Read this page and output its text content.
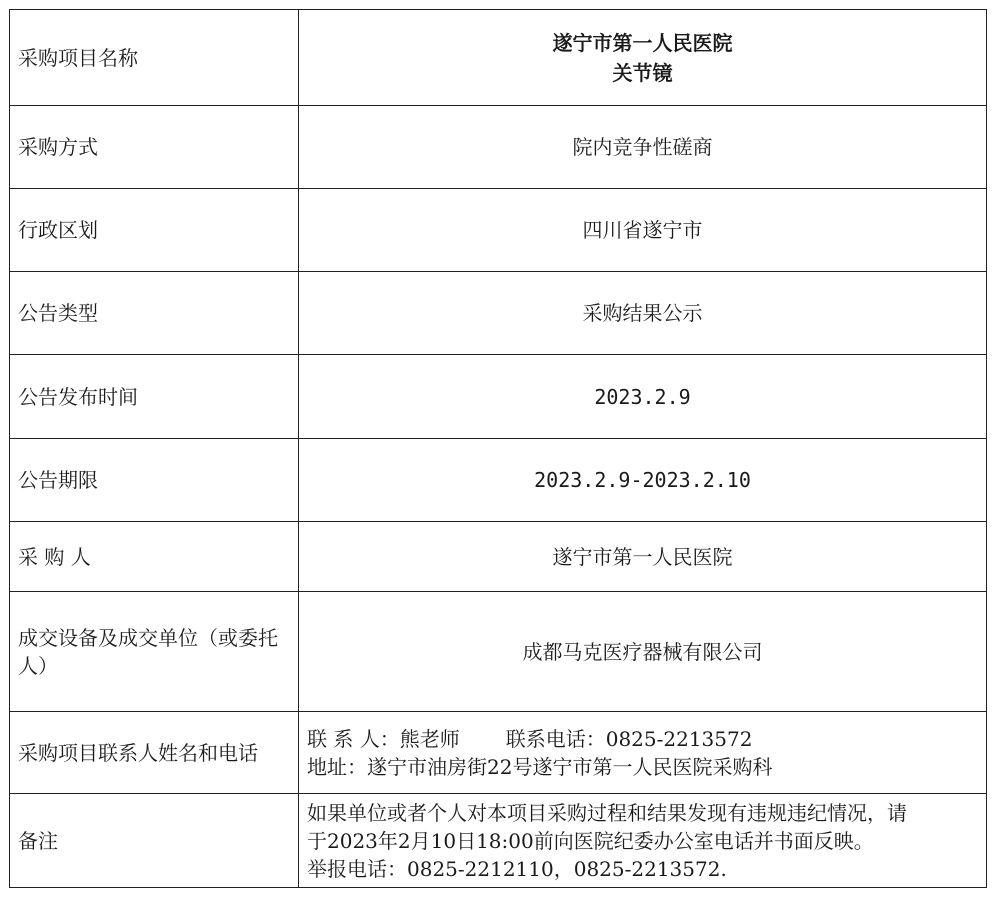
采购项目名称	遂宁市第一人民医院
关节镜

采购方式	院内竞争性磋商
行政区划	四川省遂宁市
公告类型	采购结果公示
公告发布时间	2023.2.9
公告期限	2023.2.9-2023.2.10
采 购 人	遂宁市第一人民医院
成交设备及成交单位（或委托人）	成都马克医疗器械有限公司
采购项目联系人姓名和电话	联 系 人：熊老师 联系电话：0825-2213572
地址：遂宁市油房街22号遂宁市第一人民医院采购科

备注	如果单位或者个人对本项目采购过程和结果发现有违规违纪情况，请
于2023年2月10日18:00前向医院纪委办公室电话并书面反映。
举报电话：0825-2212110，0825-2213572.
